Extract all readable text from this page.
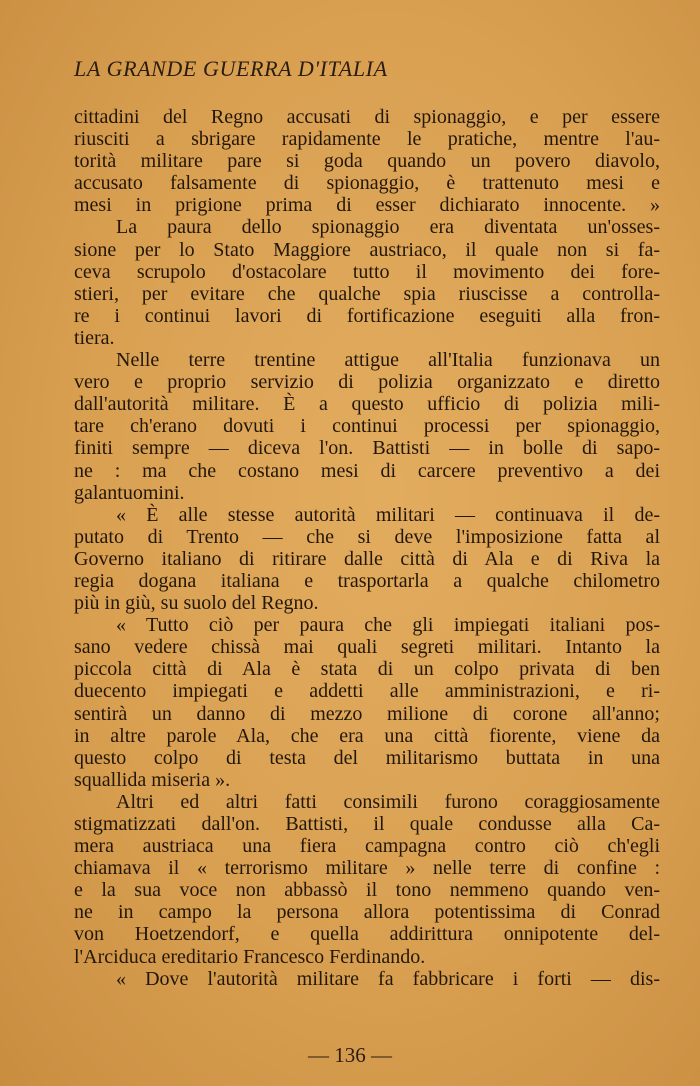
LA GRANDE GUERRA D'ITALIA
cittadini del Regno accusati di spionaggio, e per essere
riusciti a sbrigare rapidamente le pratiche, mentre l'au-
torità militare pare si goda quando un povero diavolo,
accusato falsamente di spionaggio, è trattenuto mesi e
mesi in prigione prima di esser dichiarato innocente. »
La paura dello spionaggio era diventata un'osses-
sione per lo Stato Maggiore austriaco, il quale non si fa-
ceva scrupolo d'ostacolare tutto il movimento dei fore-
stieri, per evitare che qualche spia riuscisse a controlla-
re i continui lavori di fortificazione eseguiti alla fron-
tiera.
Nelle terre trentine attigue all'Italia funzionava un
vero e proprio servizio di polizia organizzato e diretto
dall'autorità militare. È a questo ufficio di polizia mili-
tare ch'erano dovuti i continui processi per spionaggio,
finiti sempre — diceva l'on. Battisti — in bolle di sapo-
ne : ma che costano mesi di carcere preventivo a dei
galantuomini.
« È alle stesse autorità militari — continuava il de-
putato di Trento — che si deve l'imposizione fatta al
Governo italiano di ritirare dalle città di Ala e di Riva la
regia dogana italiana e trasportarla a qualche chilometro
più in giù, su suolo del Regno.
« Tutto ciò per paura che gli impiegati italiani pos-
sano vedere chissà mai quali segreti militari. Intanto la
piccola città di Ala è stata di un colpo privata di ben
duecento impiegati e addetti alle amministrazioni, e ri-
sentirà un danno di mezzo milione di corone all'anno;
in altre parole Ala, che era una città fiorente, viene da
questo colpo di testa del militarismo buttata in una
squallida miseria ».
Altri ed altri fatti consimili furono coraggiosamente
stigmatizzati dall'on. Battisti, il quale condusse alla Ca-
mera austriaca una fiera campagna contro ciò ch'egli
chiamava il « terrorismo militare » nelle terre di confine :
e la sua voce non abbassò il tono nemmeno quando ven-
ne in campo la persona allora potentissima di Conrad
von Hoetzendorf, e quella addirittura onnipotente del-
l'Arciduca ereditario Francesco Ferdinando.
« Dove l'autorità militare fa fabbricare i forti — dis-
— 136 —
